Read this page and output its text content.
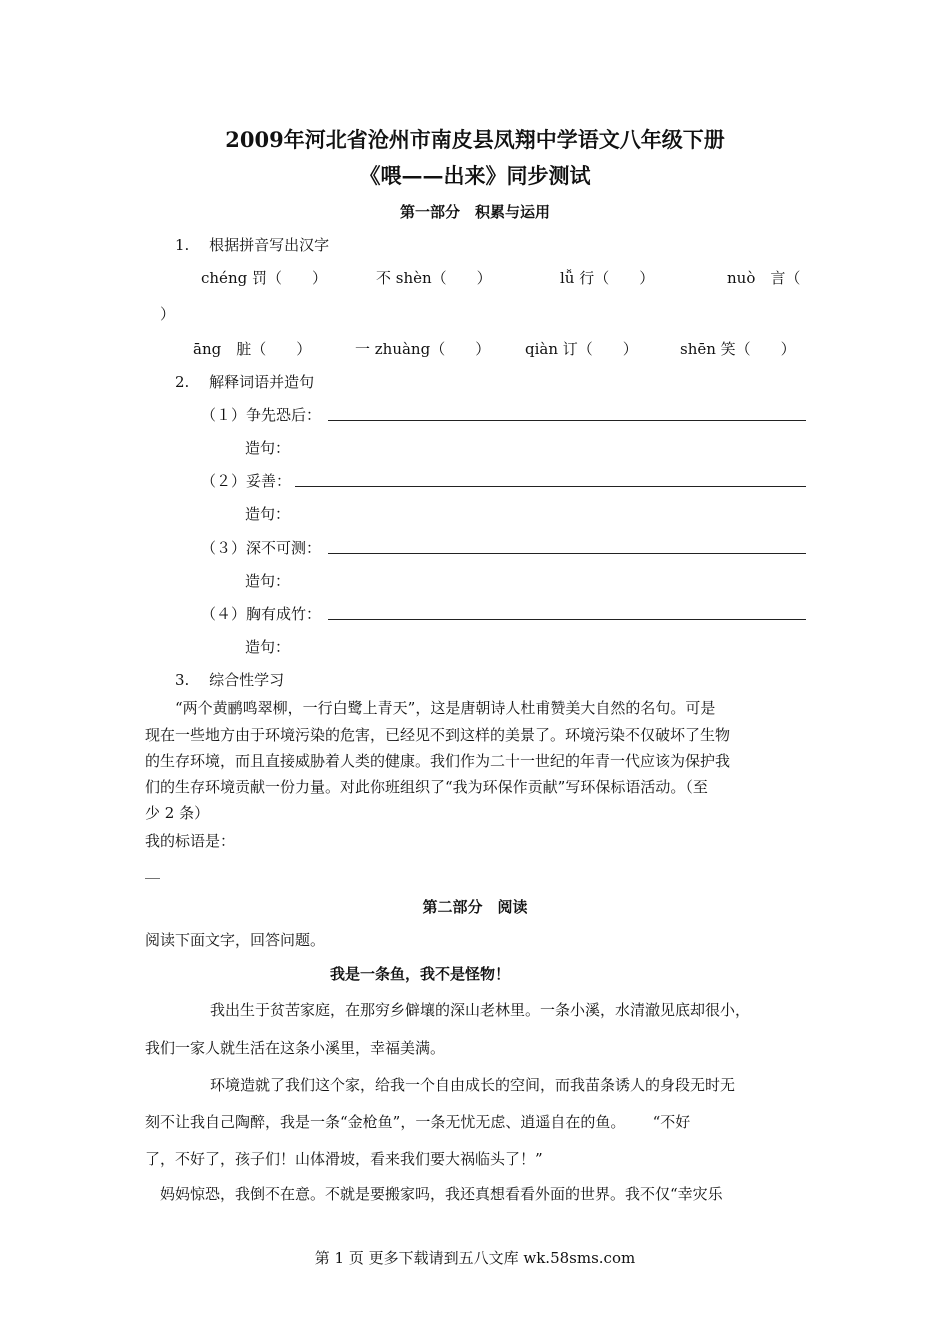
2009年河北省沧州市南皮县凤翔中学语文八年级下册
《喂——出来》同步测试
第一部分　积累与运用
1.　 根据拼音写出汉字
chéng 罚（　　）	不 shèn（　　）	lǚ 行（　　）	nuò　言（
）
āng　脏（　　）	一 zhuàng（　　） qiàn 订（　　）	shēn 笑（　　）
2.　 解释词语并造句
（１）争先恐后：
造句：
（２）妥善：
造句：
（３）深不可测：
造句：
（４）胸有成竹：
造句：
3.　 综合性学习
“两个黄鹂鸣翠柳，一行白鹭上青天”，这是唐朝诗人杜甫赞美大自然的名句。可是
现在一些地方由于环境污染的危害，已经见不到这样的美景了。环境污染不仅破坏了生物
的生存环境，而且直接威胁着人类的健康。我们作为二十一世纪的年青一代应该为保护我
们的生存环境贡献一份力量。对此你班组织了“我为环保作贡献”写环保标语活动。（至
少 2 条）
我的标语是：
__
第二部分　阅读
阅读下面文字，回答问题。
我是一条鱼，我不是怪物！
我出生于贫苦家庭，在那穷乡僻壤的深山老林里。一条小溪，水清澈见底却很小，
我们一家人就生活在这条小溪里，幸福美满。
环境造就了我们这个家，给我一个自由成长的空间，而我苗条诱人的身段无时无
刻不让我自己陶醉，我是一条“金枪鱼”，一条无忧无虑、逍遥自在的鱼。　　 “不好
了，不好了，孩子们！山体滑坡，看来我们要大祸临头了！”
妈妈惊恐，我倒不在意。不就是要搬家吗，我还真想看看外面的世界。我不仅“幸灾乐
第 1 页 更多下载请到五八文库 wk.58sms.com
